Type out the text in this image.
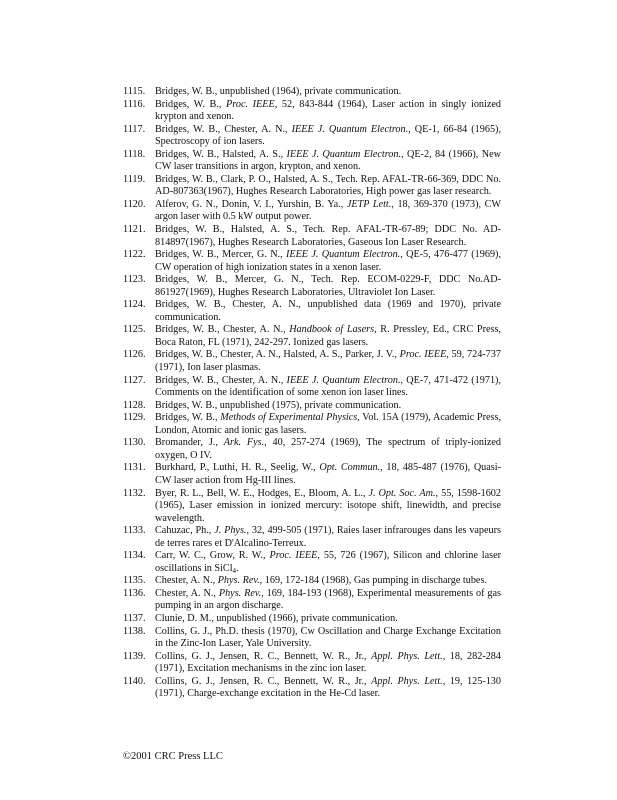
1115. Bridges, W. B., unpublished (1964), private communication.
1116. Bridges, W. B., Proc. IEEE, 52, 843-844 (1964), Laser action in singly ionized krypton and xenon.
1117. Bridges, W. B., Chester, A. N., IEEE J. Quantum Electron., QE-1, 66-84 (1965), Spectroscopy of ion lasers.
1118. Bridges, W. B., Halsted, A. S., IEEE J. Quantum Electron., QE-2, 84 (1966), New CW laser transitions in argon, krypton, and xenon.
1119. Bridges, W. B., Clark, P. O., Halsted, A. S., Tech. Rep. AFAL-TR-66-369, DDC No. AD-807363(1967), Hughes Research Laboratories, High power gas laser research.
1120. Alferov, G. N., Donin, V. I., Yurshin, B. Ya., JETP Lett., 18, 369-370 (1973), CW argon laser with 0.5 kW output power.
1121. Bridges, W. B., Halsted, A. S., Tech. Rep. AFAL-TR-67-89; DDC No. AD-814897(1967), Hughes Research Laboratories, Gaseous Ion Laser Research.
1122. Bridges, W. B., Mercer, G. N., IEEE J. Quantum Electron., QE-5, 476-477 (1969), CW operation of high ionization states in a xenon laser.
1123. Bridges, W. B., Mercer, G. N., Tech. Rep. ECOM-0229-F, DDC No.AD-861927(1969), Hughes Research Laboratories, Ultraviolet Ion Laser.
1124. Bridges, W. B., Chester, A. N., unpublished data (1969 and 1970), private communication.
1125. Bridges, W. B., Chester, A. N., Handbook of Lasers, R. Pressley, Ed., CRC Press, Boca Raton, FL (1971), 242-297. Ionized gas lasers.
1126. Bridges, W. B., Chester, A. N., Halsted, A. S., Parker, J. V., Proc. IEEE, 59, 724-737 (1971), Ion laser plasmas.
1127. Bridges, W. B., Chester, A. N., IEEE J. Quantum Electron., QE-7, 471-472 (1971), Comments on the identification of some xenon ion laser lines.
1128. Bridges, W. B., unpublished (1975), private communication.
1129. Bridges, W. B., Methods of Experimental Physics, Vol. 15A (1979), Academic Press, London, Atomic and ionic gas lasers.
1130. Bromander, J., Ark. Fys., 40, 257-274 (1969), The spectrum of triply-ionized oxygen, O IV.
1131. Burkhard, P., Luthi, H. R., Seelig, W., Opt. Commun., 18, 485-487 (1976), Quasi-CW laser action from Hg-III lines.
1132. Byer, R. L., Bell, W. E., Hodges, E., Bloom, A. L., J. Opt. Soc. Am., 55, 1598-1602 (1965), Laser emission in ionized mercury: isotope shift, linewidth, and precise wavelength.
1133. Cahuzac, Ph., J. Phys., 32, 499-505 (1971), Raies laser infrarouges dans les vapeurs de terres rares et D'Alcalino-Terreux.
1134. Carr, W. C., Grow, R. W., Proc. IEEE, 55, 726 (1967), Silicon and chlorine laser oscillations in SiCl$_4$.
1135. Chester, A. N., Phys. Rev., 169, 172-184 (1968), Gas pumping in discharge tubes.
1136. Chester, A. N., Phys. Rev., 169, 184-193 (1968), Experimental measurements of gas pumping in an argon discharge.
1137. Clunie, D. M., unpublished (1966), private communication.
1138. Collins, G. J., Ph.D. thesis (1970), Cw Oscillation and Charge Exchange Excitation in the Zinc-Ion Laser, Yale University.
1139. Collins, G. J., Jensen, R. C., Bennett, W. R., Jr., Appl. Phys. Lett., 18, 282-284 (1971), Excitation mechanisms in the zinc ion laser.
1140. Collins, G. J., Jensen, R. C., Bennett, W. R., Jr., Appl. Phys. Lett., 19, 125-130 (1971), Charge-exchange excitation in the He-Cd laser.
©2001 CRC Press LLC
